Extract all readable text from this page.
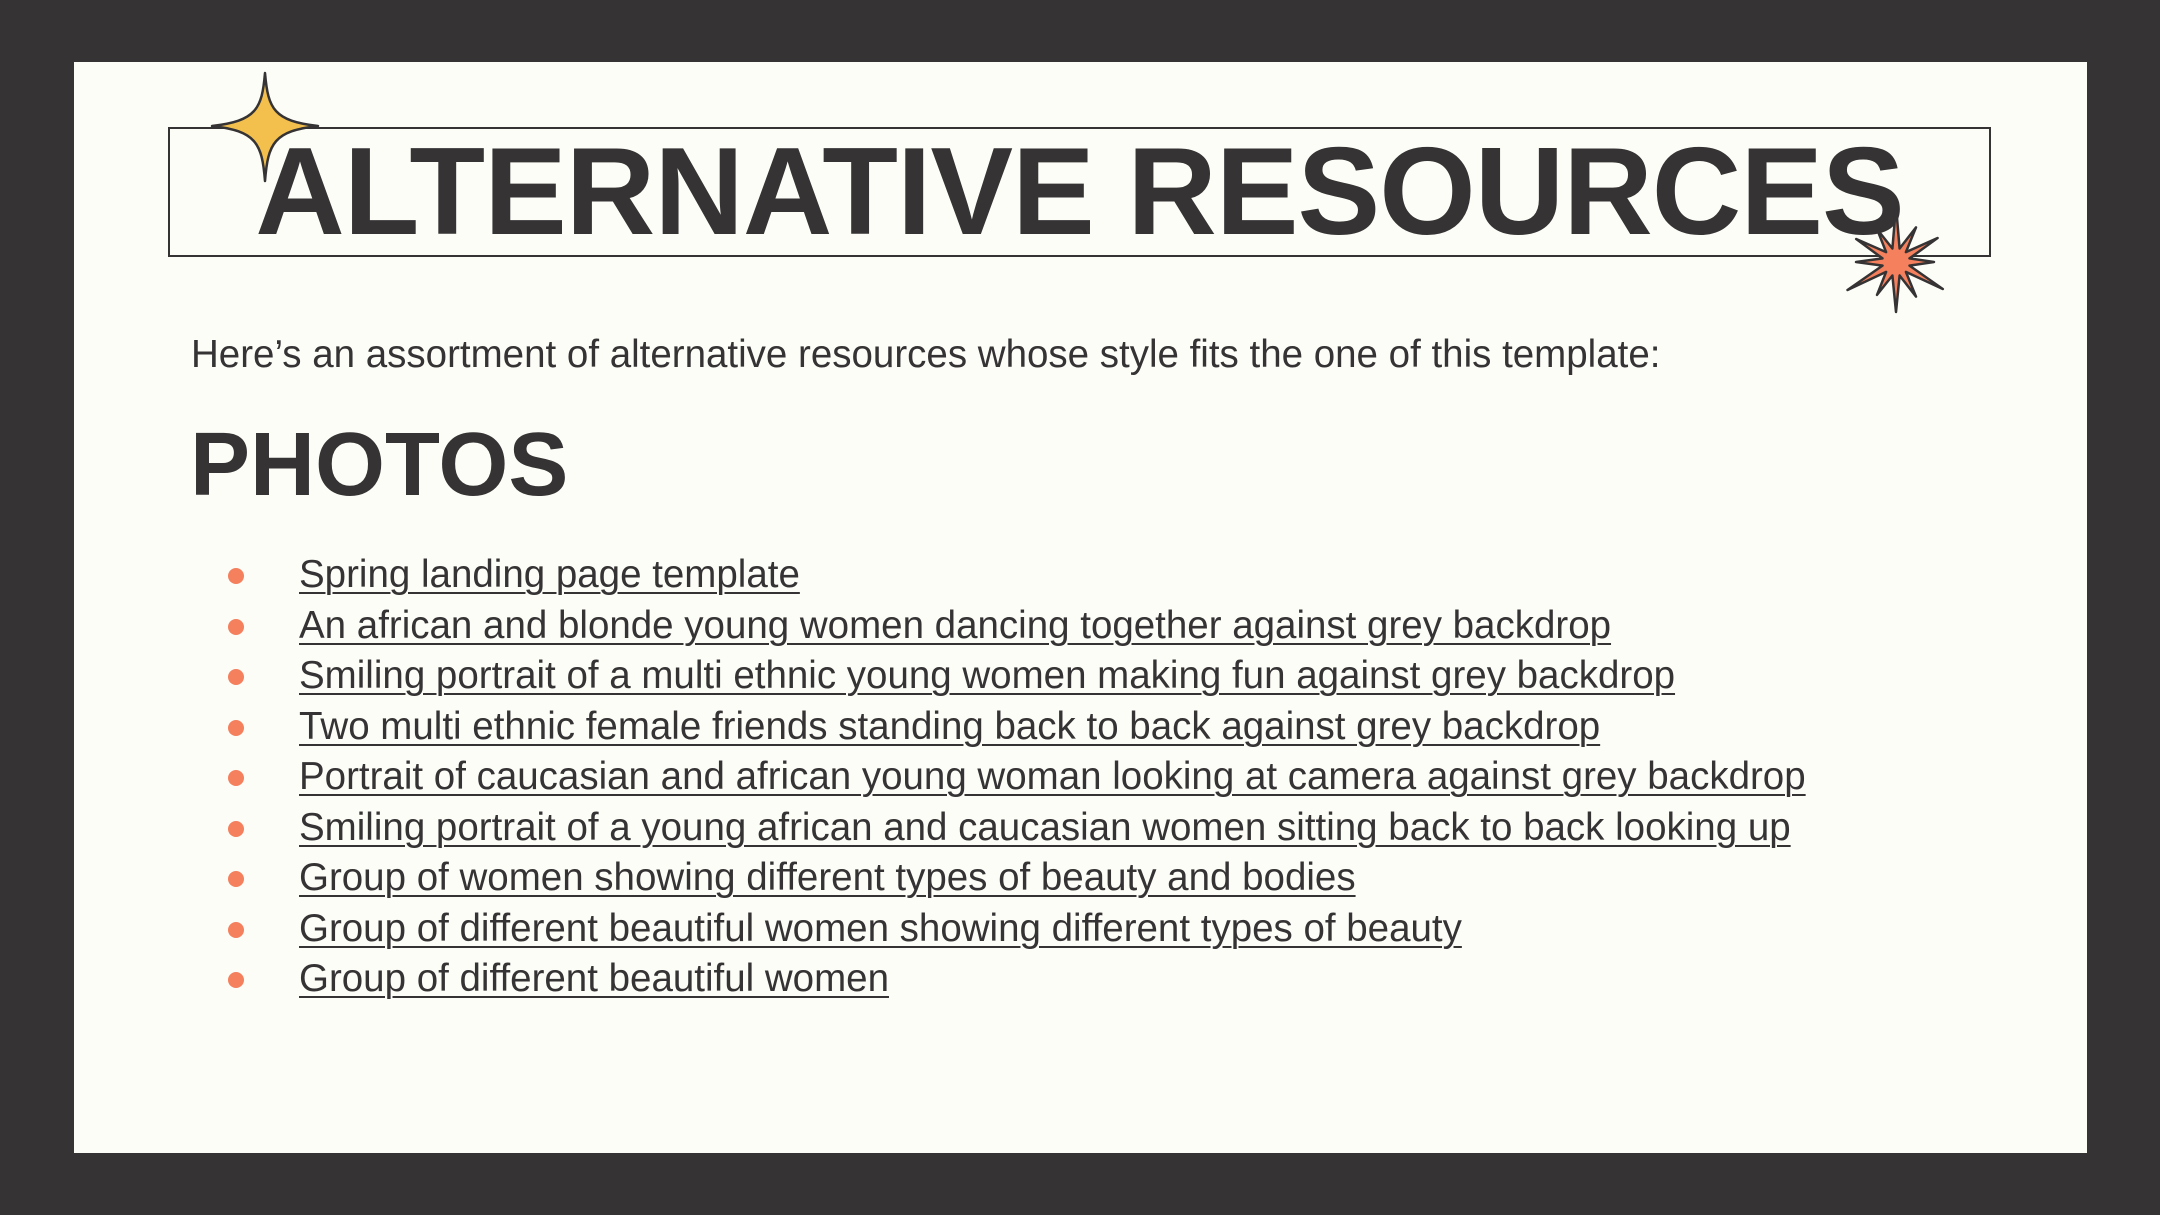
ALTERNATIVE RESOURCES

Here’s an assortment of alternative resources whose style fits the one of this template:

PHOTOS
Spring landing page template
An african and blonde young women dancing together against grey backdrop
Smiling portrait of a multi ethnic young women making fun against grey backdrop
Two multi ethnic female friends standing back to back against grey backdrop
Portrait of caucasian and african young woman looking at camera against grey backdrop
Smiling portrait of a young african and caucasian women sitting back to back looking up
Group of women showing different types of beauty and bodies
Group of different beautiful women showing different types of beauty
Group of different beautiful women
